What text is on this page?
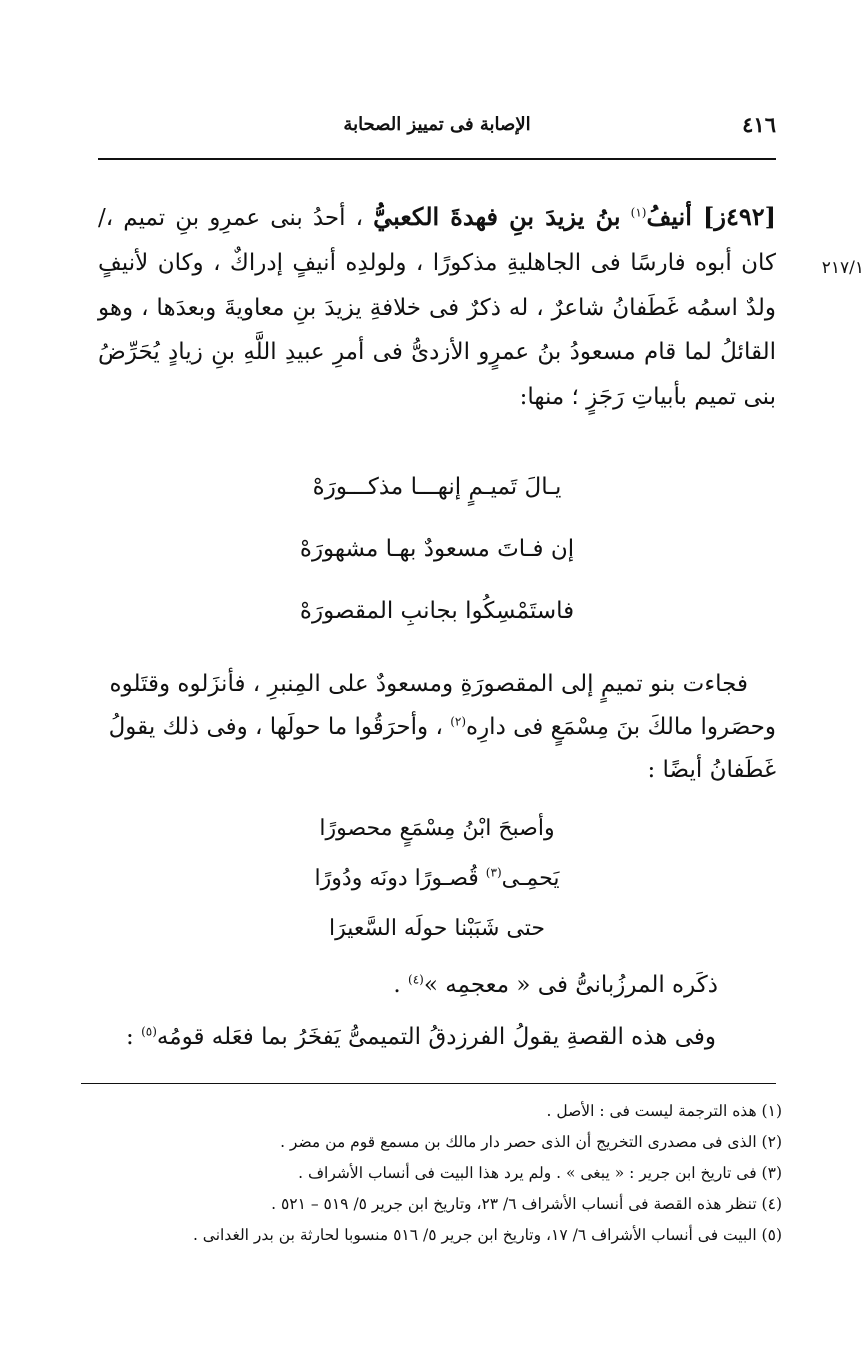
٤١٦
الإصابة فى تمييز الصحابة
٢١٧/١

[٤٩٢ز] أنيفُ$^{(١)}$ بنُ يزيدَ بنِ فهدةَ الكعبيُّ ، أحدُ بنى عمرِو بنِ تميم ،/ كان أبوه فارسًا فى الجاهليةِ مذكورًا ، ولولدِه أنيفٍ إدراكٌ ، وكان لأنيفٍ ولدٌ اسمُه غَطَفانُ شاعرٌ ، له ذكرٌ فى خلافةِ يزيدَ بنِ معاويةَ وبعدَها ، وهو القائلُ لما قام مسعودُ بنُ عمرٍو الأزدىُّ فى أمرِ عبيدِ اللَّهِ بنِ زيادٍ يُحَرِّضُ بنى تميم بأبياتِ رَجَزٍ ؛ منها:

يـالَ تَميـمٍ إنهـــا مذكـــورَهْ
إن فـاتَ مسعودٌ بهـا مشهورَهْ
فاستَمْسِكُوا بجانبِ المقصورَهْ
فجاءت بنو تميمٍ إلى المقصورَةِ ومسعودٌ على المِنبرِ ، فأنزَلوه وقتَلوه
وحصَروا مالكَ بنَ مِسْمَعٍ فى دارِه$^{(٢)}$ ، وأحرَقُوا ما حولَها ، وفى ذلك يقولُ
غَطَفانُ أيضًا :
وأصبحَ ابْنُ مِسْمَعٍ محصورًا
يَحمِـى$^{(٣)}$ قُصـورًا دونَه ودُورًا
حتى شَبَبْنا حولَه السَّعيرَا
ذكَره المرزُبانىُّ فى « معجمِه »$^{(٤)}$ .
وفى هذه القصةِ يقولُ الفرزدقُ التميمىُّ يَفخَرُ بما فعَله قومُه$^{(٥)}$ :
(١) هذه الترجمة ليست فى : الأصل .
(٢) الذى فى مصدرى التخريج أن الذى حصر دار مالك بن مسمع قوم من مضر .
(٣) فى تاريخ ابن جرير : « يبغى » . ولم يرد هذا البيت فى أنساب الأشراف .
(٤) تنظر هذه القصة فى أنساب الأشراف ٦/ ٢٣، وتاريخ ابن جرير ٥/ ٥١٩ – ٥٢١ .
(٥) البيت فى أنساب الأشراف ٦/ ١٧، وتاريخ ابن جرير ٥/ ٥١٦ منسوبا لحارثة بن بدر الغدانى .
